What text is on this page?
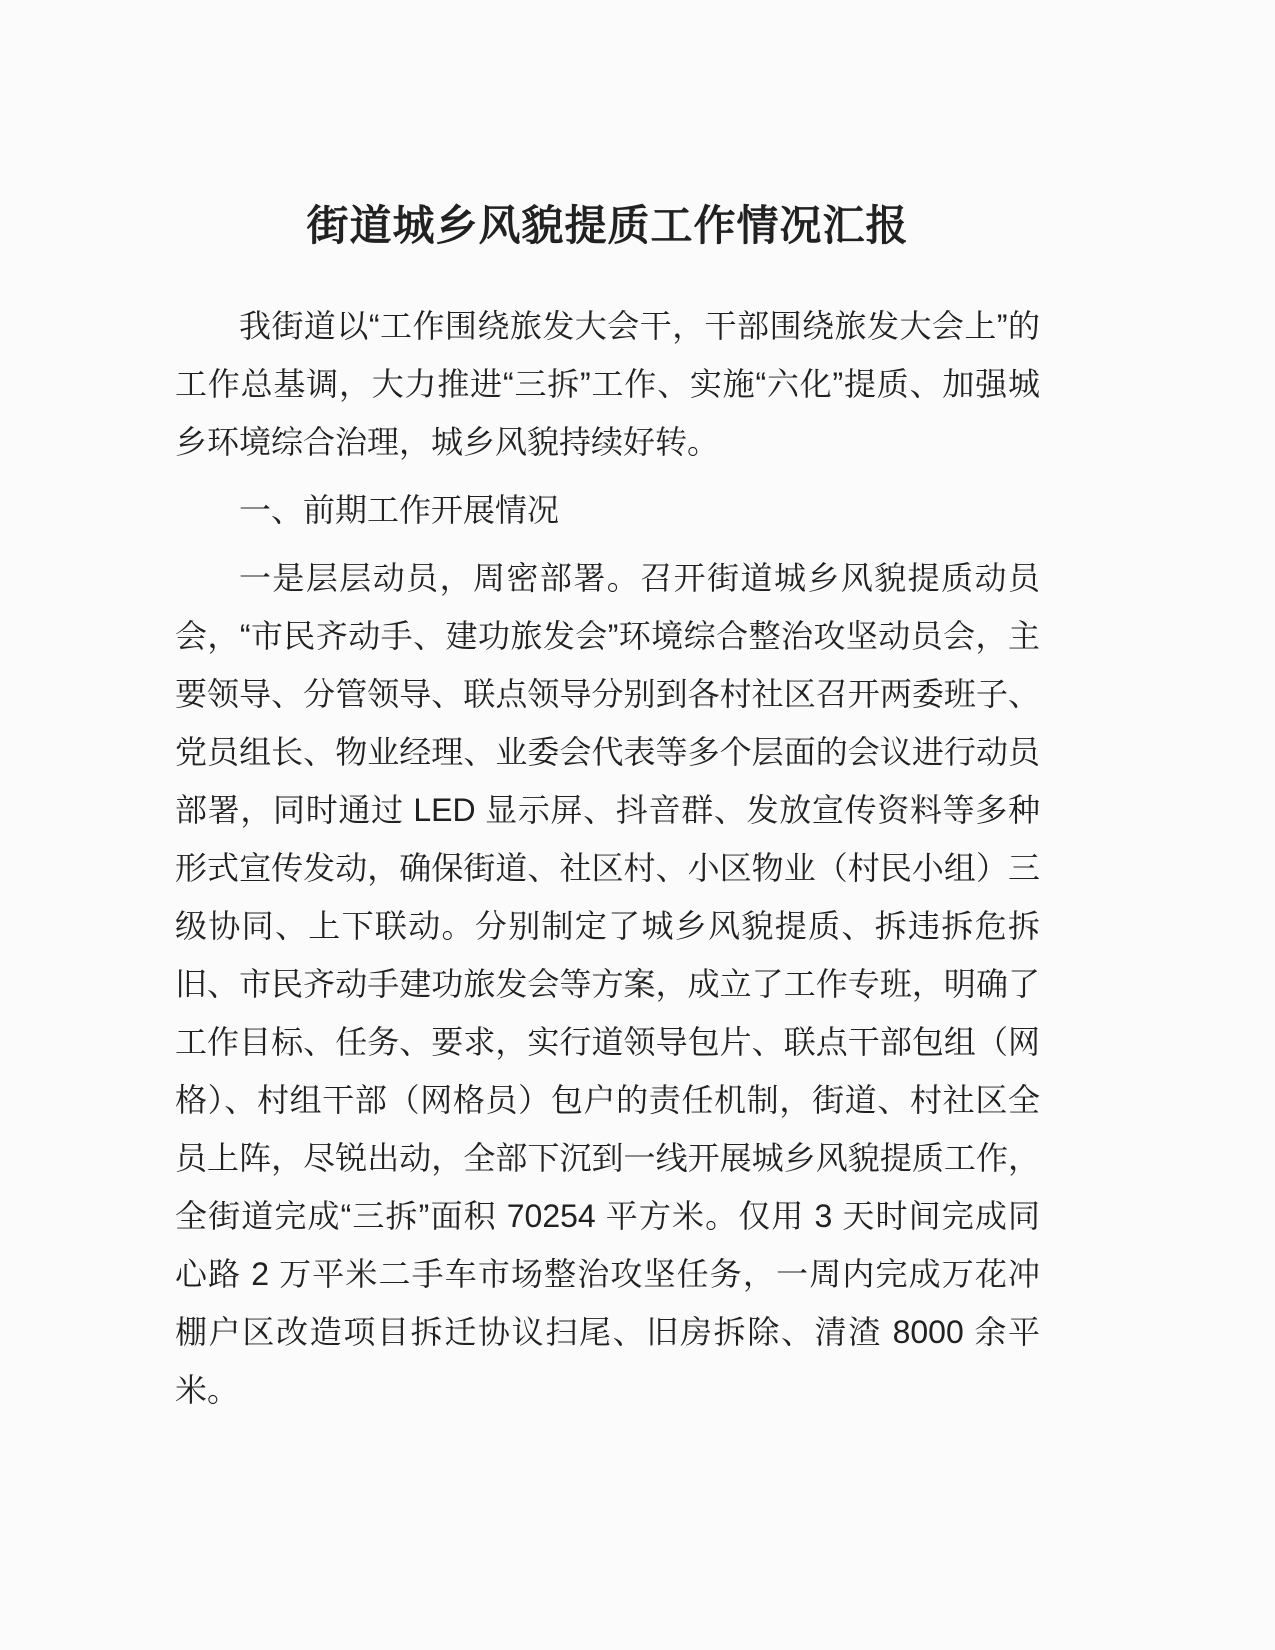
街道城乡风貌提质工作情况汇报

我街道以“工作围绕旅发大会干，干部围绕旅发大会上”的工作总基调，大力推进“三拆”工作、实施“六化”提质、加强城乡环境综合治理，城乡风貌持续好转。

一、前期工作开展情况

一是层层动员，周密部署。召开街道城乡风貌提质动员会，“市民齐动手、建功旅发会”环境综合整治攻坚动员会，主要领导、分管领导、联点领导分别到各村社区召开两委班子、党员组长、物业经理、业委会代表等多个层面的会议进行动员部署，同时通过 LED 显示屏、抖音群、发放宣传资料等多种形式宣传发动，确保街道、社区村、小区物业（村民小组）三级协同、上下联动。分别制定了城乡风貌提质、拆违拆危拆旧、市民齐动手建功旅发会等方案，成立了工作专班，明确了工作目标、任务、要求，实行道领导包片、联点干部包组（网格）、村组干部（网格员）包户的责任机制，街道、村社区全员上阵，尽锐出动，全部下沉到一线开展城乡风貌提质工作，全街道完成“三拆”面积 70254 平方米。仅用 3 天时间完成同心路 2 万平米二手车市场整治攻坚任务，一周内完成万花冲棚户区改造项目拆迁协议扫尾、旧房拆除、清渣 8000 余平米。
